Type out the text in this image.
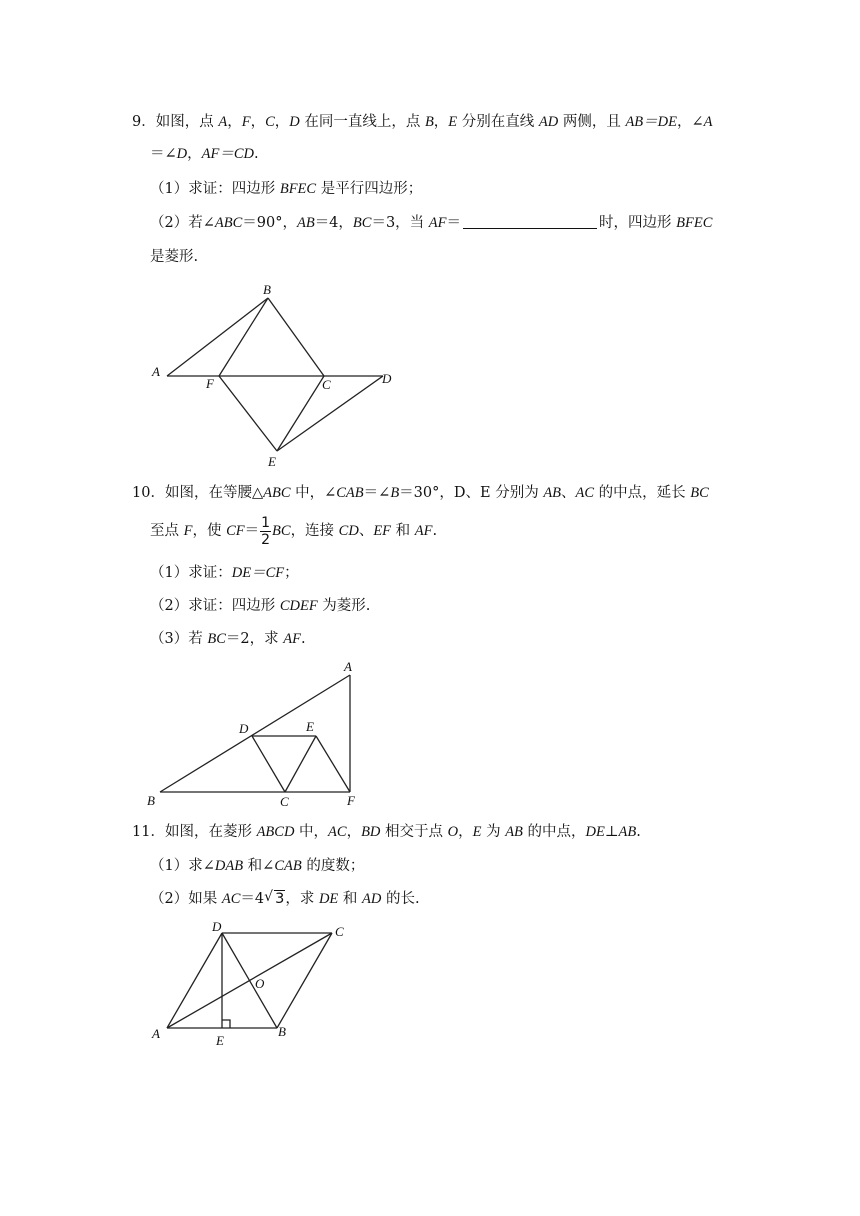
9．如图，点 A，F，C，D 在同一直线上，点 B，E 分别在直线 AD 两侧，且 AB＝DE，∠A
＝∠D，AF＝CD.
（1）求证：四边形 BFEC 是平行四边形；
（2）若∠ABC＝90°，AB＝4，BC＝3，当 AF＝	时，四边形 BFEC
是菱形.
A
B
F	C	D
E
10．如图，在等腰△ABC 中，∠CAB＝∠B＝30°，D、E 分别为 AB、AC 的中点，延长 BC
至点 F，使 $CF= \frac{1}{2}$ BC，连接 CD、EF 和 AF.
（1）求证：DE＝CF；
（2）求证：四边形 CDEF 为菱形.
（3）若 BC＝2，求 AF.
A
B	C
D	E
F
11．如图，在菱形 ABCD 中，AC，BD 相交于点 O，E 为 AB 的中点，DE⊥AB.
（1）求∠DAB 和∠CAB 的度数；
（2）如果 AC＝4 √ 3，求 DE 和 AD 的长.
A	B
C
D
E
O
